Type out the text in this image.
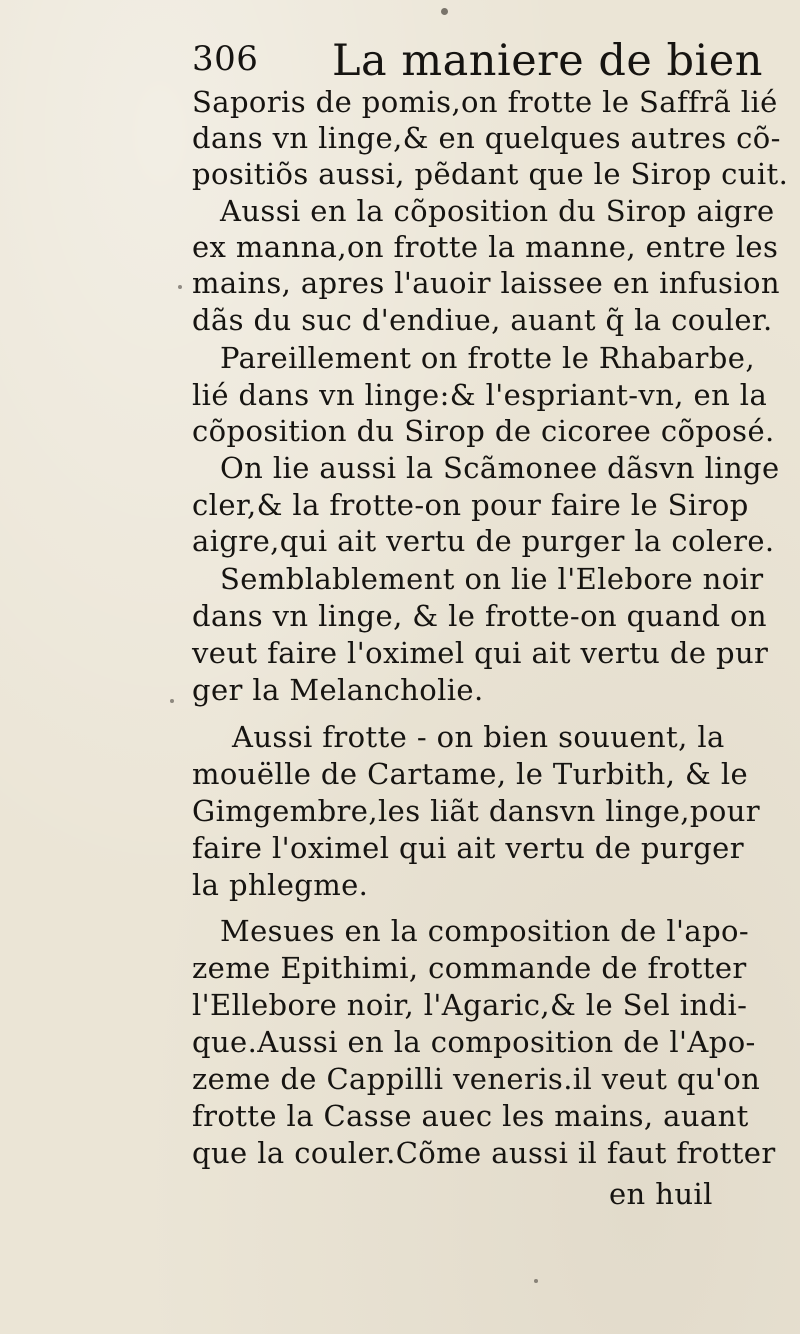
306 La maniere de bien
Saporis de pomis,on frotte le Saffrã lié
dans vn linge,& en quelques autres cõ-
positiõs aussi, pẽdant que le Sirop cuit.
Aussi en la cõposition du Sirop aigre
ex manna,on frotte la manne, entre les
mains, apres l'auoir laissee en infusion
dãs du suc d'endiue, auant q̃ la couler.
Pareillement on frotte le Rhabarbe,
lié dans vn linge:& l'espriant-vn, en la
cõposition du Sirop de cicoree cõposé.
On lie aussi la Scãmonee dãsvn linge
cler,& la frotte-on pour faire le Sirop
aigre,qui ait vertu de purger la colere.
Semblablement on lie l'Elebore noir
dans vn linge, & le frotte-on quand on
veut faire l'oximel qui ait vertu de pur
ger la Melancholie.
Aussi frotte - on bien souuent, la
mouëlle de Cartame, le Turbith, & le
Gimgembre,les liãt dansvn linge,pour
faire l'oximel qui ait vertu de purger
la phlegme.
Mesues en la composition de l'apo-
zeme Epithimi, commande de frotter
l'Ellebore noir, l'Agaric,& le Sel indi-
que.Aussi en la composition de l'Apo-
zeme de Cappilli veneris.il veut qu'on
frotte la Casse auec les mains, auant
que la couler.Cõme aussi il faut frotter
en huil
